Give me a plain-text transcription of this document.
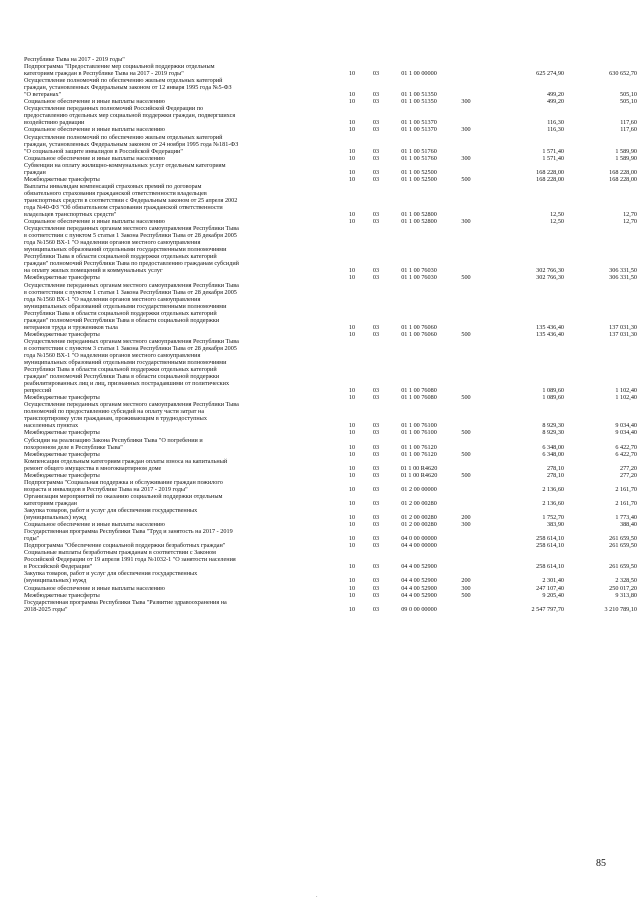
Республике Тыва на 2017 - 2019 годы"
Подпрограмма "Предоставление мер социальной поддержки отдельным
категориям граждан в Республике Тыва на 2017 - 2019 годы"	10	03	01 1 00 00000	625 274,90	630 652,70
Осуществление полномочий по обеспечению жильем отдельных категорий
граждан, установленных Федеральным законом от 12 января 1995 года №5-ФЗ
"О ветеранах"	10	03	01 1 00 51350	499,20	505,10
Социальное обеспечение и иные выплаты населению	10	03	01 1 00 51350	300	499,20	505,10
Осуществление переданных полномочий Российской Федерации по
предоставлению отдельных мер социальной поддержки граждан, подвергшихся
воздействию радиации	10	03	01 1 00 51370	116,30	117,60
Социальное обеспечение и иные выплаты населению	10	03	01 1 00 51370	300	116,30	117,60
Осуществление полномочий по обеспечению жильем отдельных категорий
граждан, установленных Федеральным законом от 24 ноября 1995 года №181-ФЗ
"О социальной защите инвалидов в Российской Федерации"	10	03	01 1 00 51760	1 571,40	1 589,90
Социальное обеспечение и иные выплаты населению	10	03	01 1 00 51760	300	1 571,40	1 589,90
Субвенции на оплату жилищно-коммунальных услуг отдельным категориям
граждан	10	03	01 1 00 52500	168 228,00	168 228,00
Межбюджетные трансферты	10	03	01 1 00 52500	500	168 228,00	168 228,00
Выплаты инвалидам компенсаций страховых премий по договорам
обязательного страхования гражданской ответственности владельцев
транспортных средств в соответствии с Федеральным законом от 25 апреля 2002
года №40-ФЗ "Об обязательном страховании гражданской ответственности
владельцев транспортных средств"	10	03	01 1 00 52800	12,50	12,70
Социальное обеспечение и иные выплаты населению	10	03	01 1 00 52800	300	12,50	12,70
Осуществление переданных органам местного самоуправления Республики Тыва
в соответствии с пунктом 5 статьи 1 Закона Республики Тыва от 28 декабря 2005
года №1560 ВХ-1 "О наделении органов местного самоуправления
муниципальных образований отдельными государственными полномочиями
Республики Тыва в области социальной поддержки отдельных категорий
граждан" полномочий Республики Тыва по предоставлению гражданам субсидий
на оплату жилых помещений и коммунальных услуг	10	03	01 1 00 76030	302 766,30	306 331,50
Межбюджетные трансферты	10	03	01 1 00 76030	500	302 766,30	306 331,50
Осуществление переданных органам местного самоуправления Республики Тыва
в соответствии с пунктом 1 статьи 1 Закона Республики Тыва от 28 декабря 2005
года №1560 ВХ-1 "О наделении органов местного самоуправления
муниципальных образований отдельными государственными полномочиями
Республики Тыва в области социальной поддержки отдельных категорий
граждан" полномочий Республики Тыва в области социальной поддержки
ветеранов труда и тружеников тыла	10	03	01 1 00 76060	135 436,40	137 031,30
Межбюджетные трансферты	10	03	01 1 00 76060	500	135 436,40	137 031,30
Осуществление переданных органам местного самоуправления Республики Тыва
в соответствии с пунктом 3 статьи 1 Закона Республики Тыва от 28 декабря 2005
года №1560 ВХ-1 "О наделении органов местного самоуправления
муниципальных образований отдельными государственными полномочиями
Республики Тыва в области социальной поддержки отдельных категорий
граждан" полномочий Республики Тыва в области социальной поддержки
реабилитированных лиц и лиц, признанных пострадавшими от политических
репрессий	10	03	01 1 00 76080	1 089,60	1 102,40
Межбюджетные трансферты	10	03	01 1 00 76080	500	1 089,60	1 102,40
Осуществление переданных органам местного самоуправления Республики Тыва
полномочий по предоставлению субсидий на оплату части затрат на
транспортировку угля гражданам, проживающим в труднодоступных
населенных пунктах	10	03	01 1 00 76100	8 929,30	9 034,40
Межбюджетные трансферты	10	03	01 1 00 76100	500	8 929,30	9 034,40
Субсидии на реализацию Закона Республики Тыва "О погребении и
похоронном деле в Республике Тыва"	10	03	01 1 00 76120	6 348,00	6 422,70
Межбюджетные трансферты	10	03	01 1 00 76120	500	6 348,00	6 422,70
Компенсация отдельным категориям граждан оплаты взноса на капитальный
ремонт общего имущества в многоквартирном доме	10	03	01 1 00 R4620	278,10	277,20
Межбюджетные трансферты	10	03	01 1 00 R4620	500	278,10	277,20
Подпрограмма "Социальная поддержка и обслуживание граждан пожилого
возраста и инвалидов в Республике Тыва на 2017 - 2019 годы"	10	03	01 2 00 00000	2 136,60	2 161,70
Организация мероприятий по оказанию социальной поддержки отдельным
категориям граждан	10	03	01 2 00 00280	2 136,60	2 161,70
Закупка товаров, работ и услуг для обеспечения государственных
(муниципальных) нужд	10	03	01 2 00 00280	200	1 752,70	1 773,40
Социальное обеспечение и иные выплаты населению	10	03	01 2 00 00280	300	383,90	388,40
Государственная программа Республики Тыва "Труд и занятость на 2017 - 2019
годы"	10	03	04 0 00 00000	258 614,10	261 659,50
Подпрограмма "Обеспечение социальной поддержки безработных граждан"	10	03	04 4 00 00000	258 614,10	261 659,50
Социальные выплаты безработным гражданам в соответствии с Законом
Российской Федерации от 19 апреля 1991 года №1032-1 "О занятости населения
в Российской Федерации"	10	03	04 4 00 52900	258 614,10	261 659,50
Закупка товаров, работ и услуг для обеспечения государственных
(муниципальных) нужд	10	03	04 4 00 52900	200	2 301,40	2 328,50
Социальное обеспечение и иные выплаты населению	10	03	04 4 00 52900	300	247 107,40	250 017,20
Межбюджетные трансферты	10	03	04 4 00 52900	500	9 205,40	9 313,80
Государственная программа Республики Тыва "Развитие здравоохранения на
2018-2025 годы"	10	03	09 0 00 00000	2 547 797,70	3 210 789,10
85
.
